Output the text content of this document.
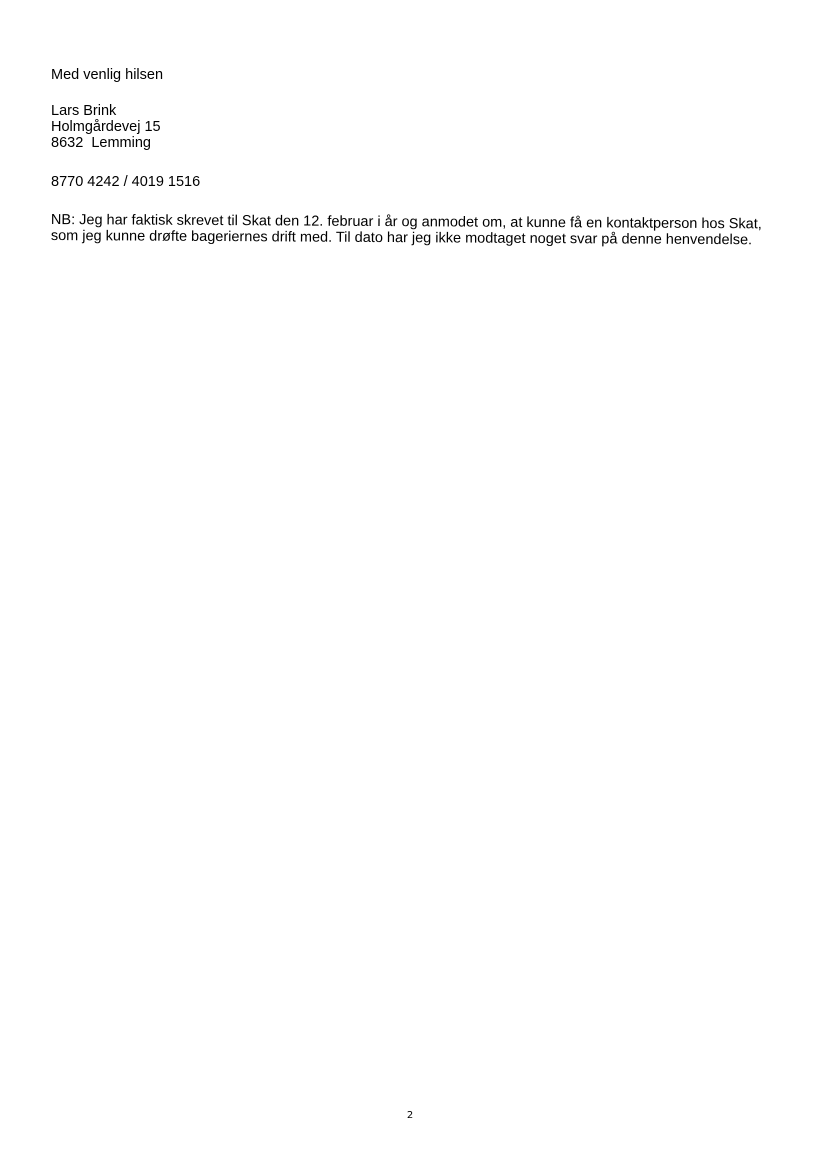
Med venlig hilsen

Lars Brink
Holmgårdevej 15
8632  Lemming

8770 4242 / 4019 1516

NB: Jeg har faktisk skrevet til Skat den 12. februar i år og anmodet om, at kunne få en kontaktperson hos Skat, som jeg kunne drøfte bageriernes drift med. Til dato har jeg ikke modtaget noget svar på denne henvendelse.

2
